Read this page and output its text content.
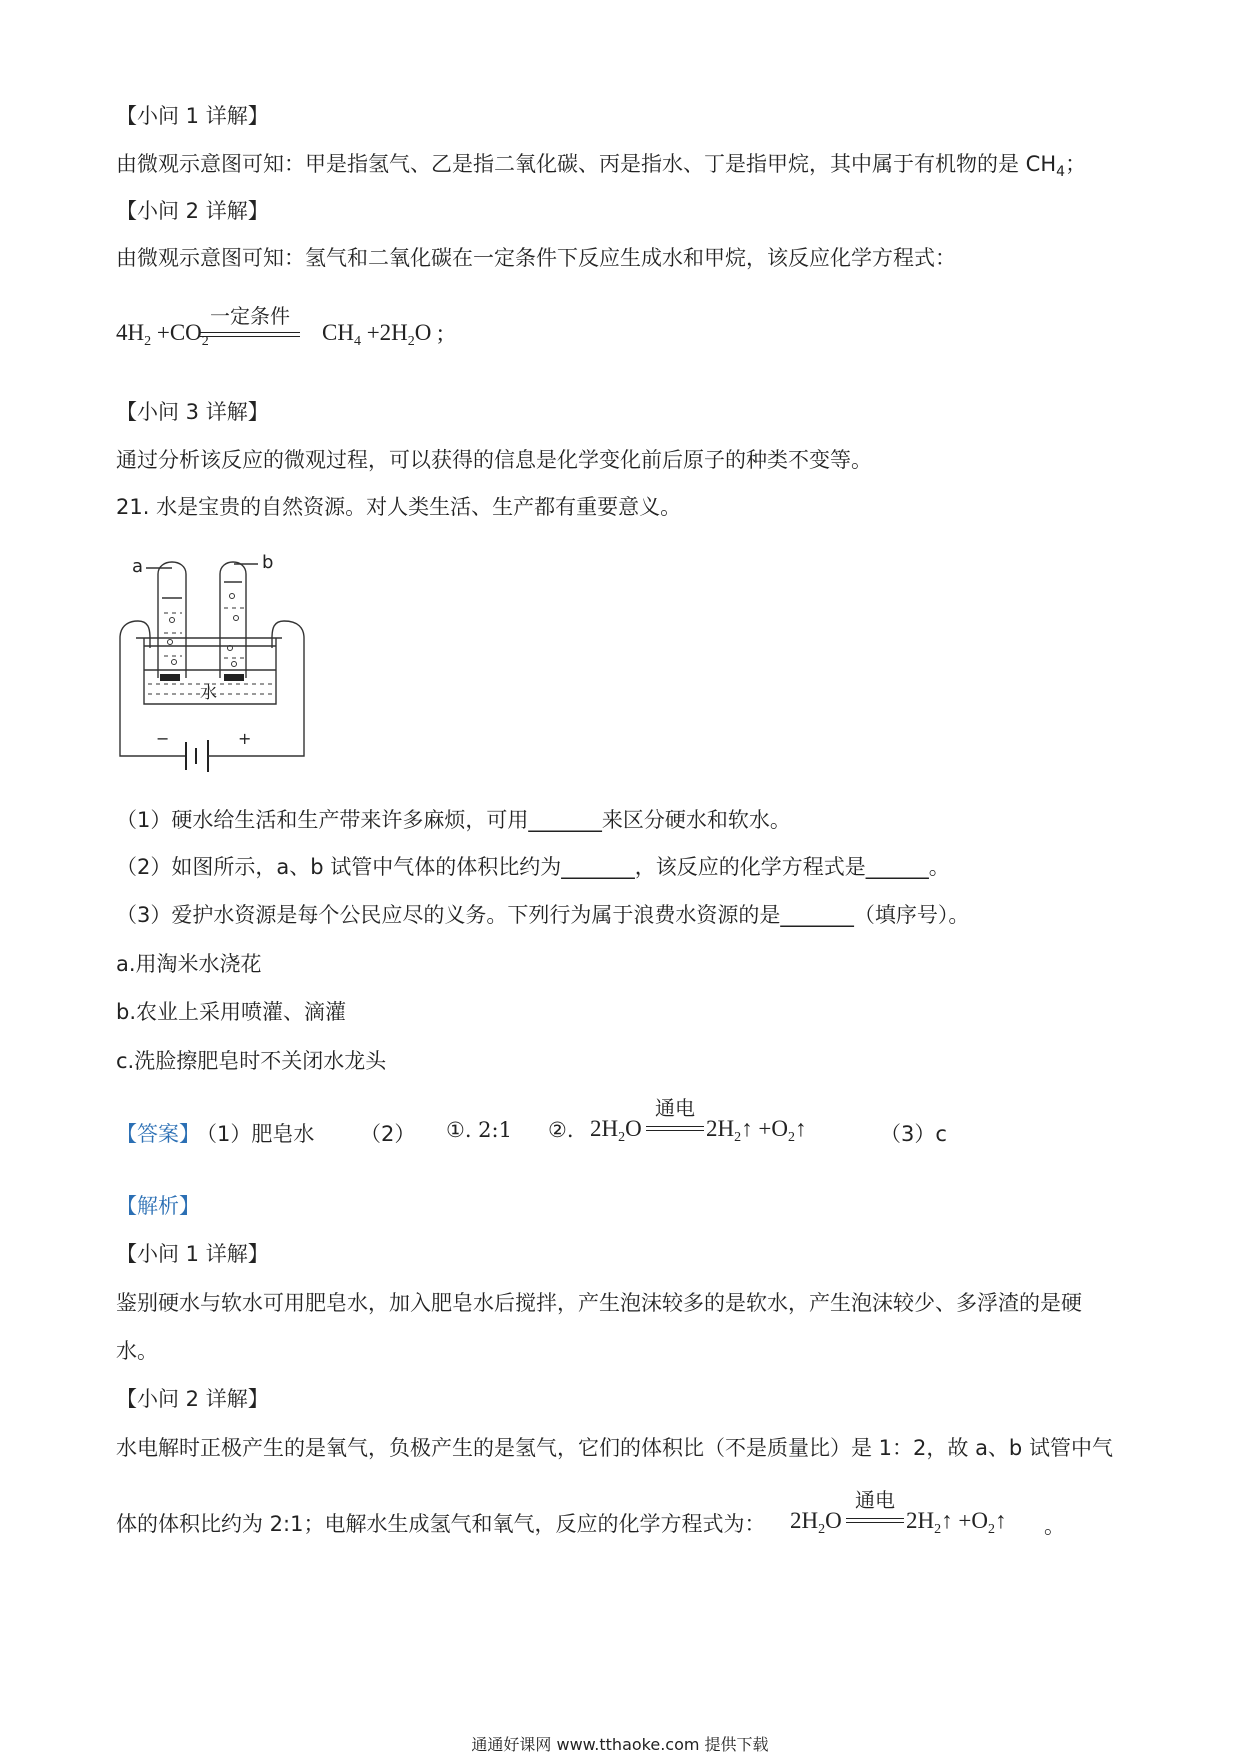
【小问 1 详解】
由微观示意图可知：甲是指氢气、乙是指二氧化碳、丙是指水、丁是指甲烷，其中属于有机物的是 $CH_4$；
【小问 2 详解】
由微观示意图可知：氢气和二氧化碳在一定条件下反应生成水和甲烷，该反应化学方程式：
$4H_2 +CO_2$
一定条件
$CH_4 +2H_2O$ ;
【小问 3 详解】
通过分析该反应的微观过程，可以获得的信息是化学变化前后原子的种类不变等。
21. 水是宝贵的自然资源。对人类生活、生产都有重要意义。
a	b
水
−	+
（1）硬水给生活和生产带来许多麻烦，可用_______来区分硬水和软水。
（2）如图所示，a、b 试管中气体的体积比约为_______，该反应的化学方程式是______。
（3）爱护水资源是每个公民应尽的义务。下列行为属于浪费水资源的是_______（填序号）。
a.用淘米水浇花
b.农业上采用喷灌、滴灌
c.洗脸擦肥皂时不关闭水龙头
【答案】
（1）肥皂水 （2） ①. 2:1 ②. $2H_2O$
通电
$2H_2↑$ $+O_2↑$	（3）c
【解析】
【小问 1 详解】
鉴别硬水与软水可用肥皂水，加入肥皂水后搅拌，产生泡沫较多的是软水，产生泡沫较少、多浮渣的是硬
水。
【小问 2 详解】
水电解时正极产生的是氧气，负极产生的是氢气，它们的体积比（不是质量比）是 1：2，故 a、b 试管中气
体的体积比约为 2:1；电解水生成氢气和氧气，反应的化学方程式为： $2H_2O$
通电
$2H_2↑$ $+O_2↑$ 。
通通好课网 www.tthaoke.com 提供下载
